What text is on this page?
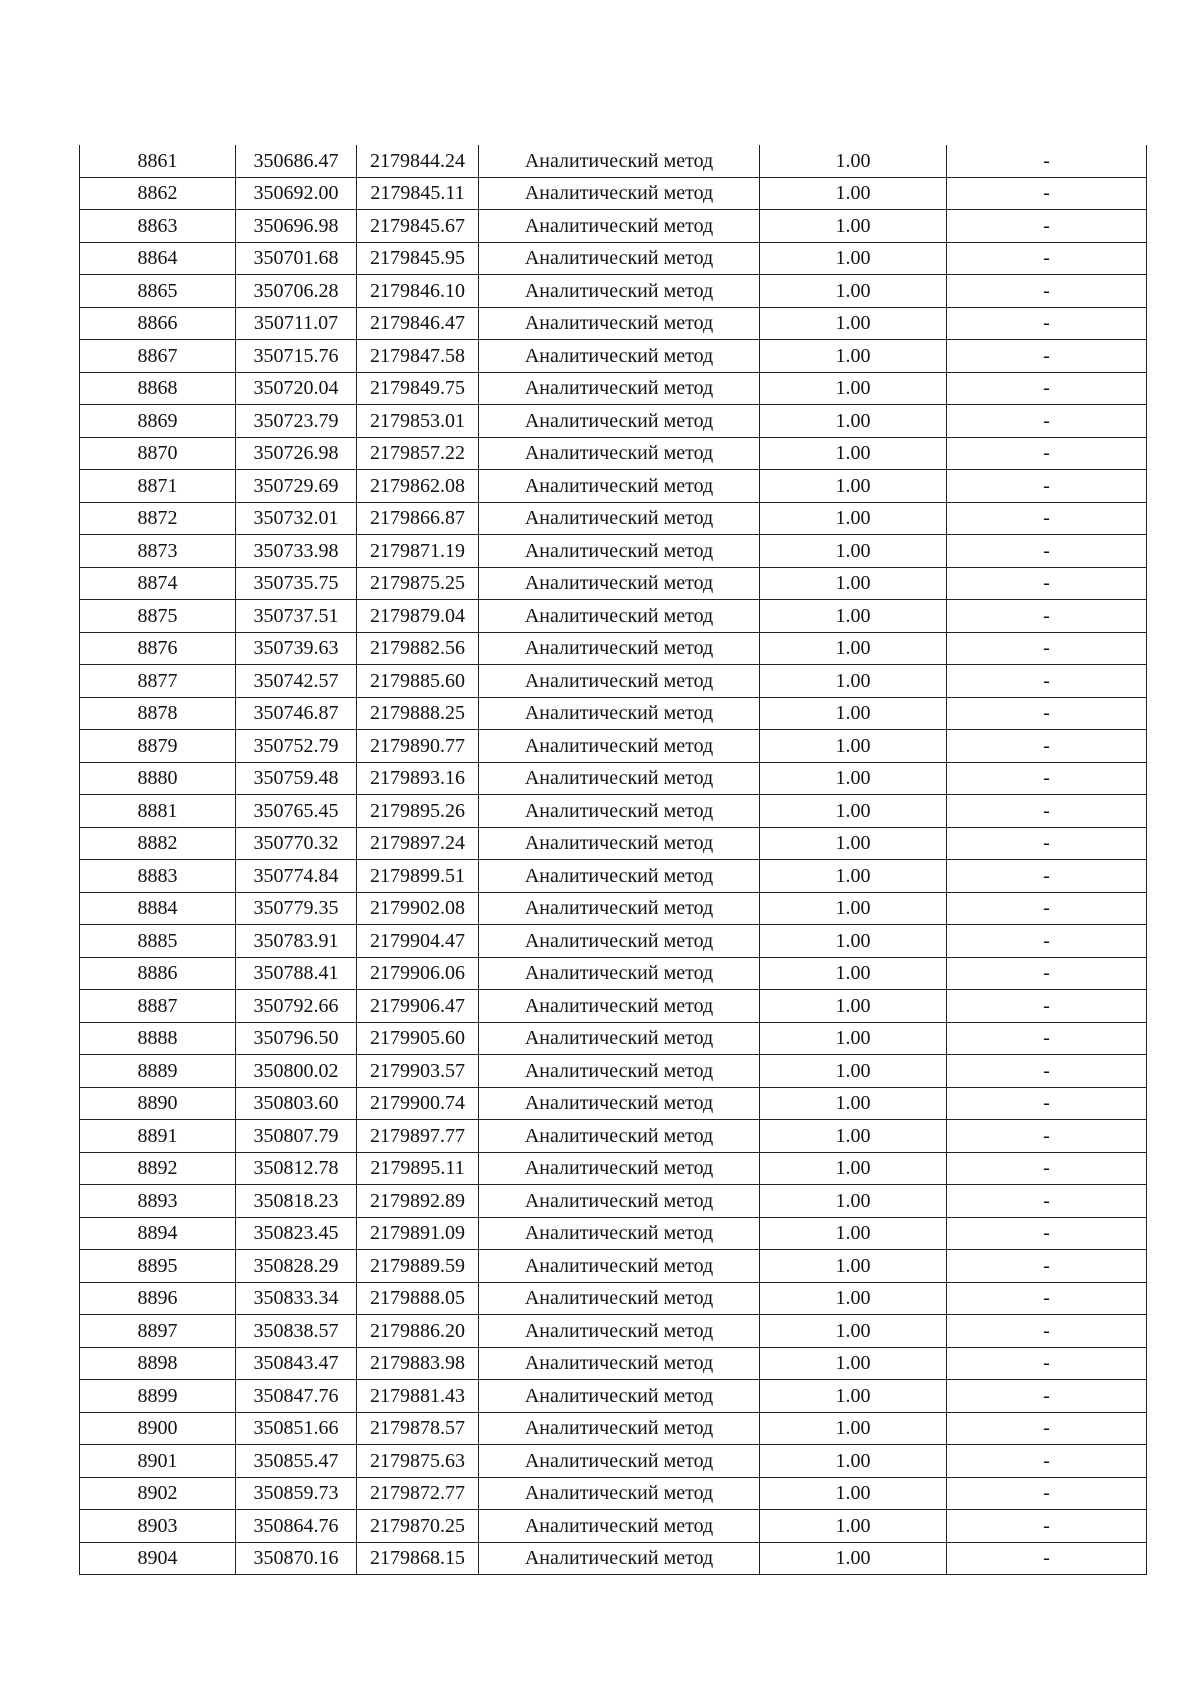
8861	350686.47	2179844.24	Аналитический метод	1.00	-
8862	350692.00	2179845.11	Аналитический метод	1.00	-
8863	350696.98	2179845.67	Аналитический метод	1.00	-
8864	350701.68	2179845.95	Аналитический метод	1.00	-
8865	350706.28	2179846.10	Аналитический метод	1.00	-
8866	350711.07	2179846.47	Аналитический метод	1.00	-
8867	350715.76	2179847.58	Аналитический метод	1.00	-
8868	350720.04	2179849.75	Аналитический метод	1.00	-
8869	350723.79	2179853.01	Аналитический метод	1.00	-
8870	350726.98	2179857.22	Аналитический метод	1.00	-
8871	350729.69	2179862.08	Аналитический метод	1.00	-
8872	350732.01	2179866.87	Аналитический метод	1.00	-
8873	350733.98	2179871.19	Аналитический метод	1.00	-
8874	350735.75	2179875.25	Аналитический метод	1.00	-
8875	350737.51	2179879.04	Аналитический метод	1.00	-
8876	350739.63	2179882.56	Аналитический метод	1.00	-
8877	350742.57	2179885.60	Аналитический метод	1.00	-
8878	350746.87	2179888.25	Аналитический метод	1.00	-
8879	350752.79	2179890.77	Аналитический метод	1.00	-
8880	350759.48	2179893.16	Аналитический метод	1.00	-
8881	350765.45	2179895.26	Аналитический метод	1.00	-
8882	350770.32	2179897.24	Аналитический метод	1.00	-
8883	350774.84	2179899.51	Аналитический метод	1.00	-
8884	350779.35	2179902.08	Аналитический метод	1.00	-
8885	350783.91	2179904.47	Аналитический метод	1.00	-
8886	350788.41	2179906.06	Аналитический метод	1.00	-
8887	350792.66	2179906.47	Аналитический метод	1.00	-
8888	350796.50	2179905.60	Аналитический метод	1.00	-
8889	350800.02	2179903.57	Аналитический метод	1.00	-
8890	350803.60	2179900.74	Аналитический метод	1.00	-
8891	350807.79	2179897.77	Аналитический метод	1.00	-
8892	350812.78	2179895.11	Аналитический метод	1.00	-
8893	350818.23	2179892.89	Аналитический метод	1.00	-
8894	350823.45	2179891.09	Аналитический метод	1.00	-
8895	350828.29	2179889.59	Аналитический метод	1.00	-
8896	350833.34	2179888.05	Аналитический метод	1.00	-
8897	350838.57	2179886.20	Аналитический метод	1.00	-
8898	350843.47	2179883.98	Аналитический метод	1.00	-
8899	350847.76	2179881.43	Аналитический метод	1.00	-
8900	350851.66	2179878.57	Аналитический метод	1.00	-
8901	350855.47	2179875.63	Аналитический метод	1.00	-
8902	350859.73	2179872.77	Аналитический метод	1.00	-
8903	350864.76	2179870.25	Аналитический метод	1.00	-
8904	350870.16	2179868.15	Аналитический метод	1.00	-
